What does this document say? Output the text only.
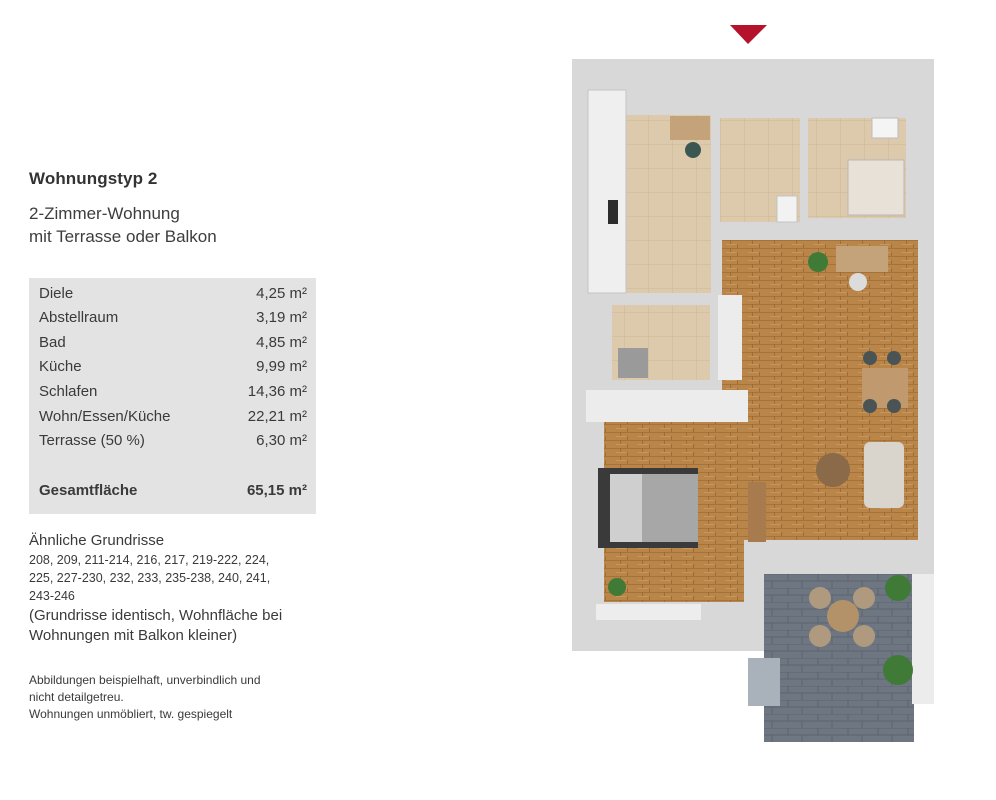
Wohnungstyp 2
2-Zimmer-Wohnung
mit Terrasse oder Balkon
Diele	4,25 m²
Abstellraum	3,19 m²
Bad	4,85 m²
Küche	9,99 m²
Schlafen	14,36 m²
Wohn/Essen/Küche	22,21 m²
Terrasse (50 %)	6,30 m²
Gesamtfläche	65,15 m²
Ähnliche Grundrisse
208, 209, 211-214, 216, 217, 219-222, 224,
225, 227-230, 232, 233, 235-238, 240, 241,
243-246
(Grundrisse identisch, Wohnfläche bei
Wohnungen mit Balkon kleiner)
Abbildungen beispielhaft, unverbindlich und
nicht detailgetreu.
Wohnungen unmöbliert, tw. gespiegelt
